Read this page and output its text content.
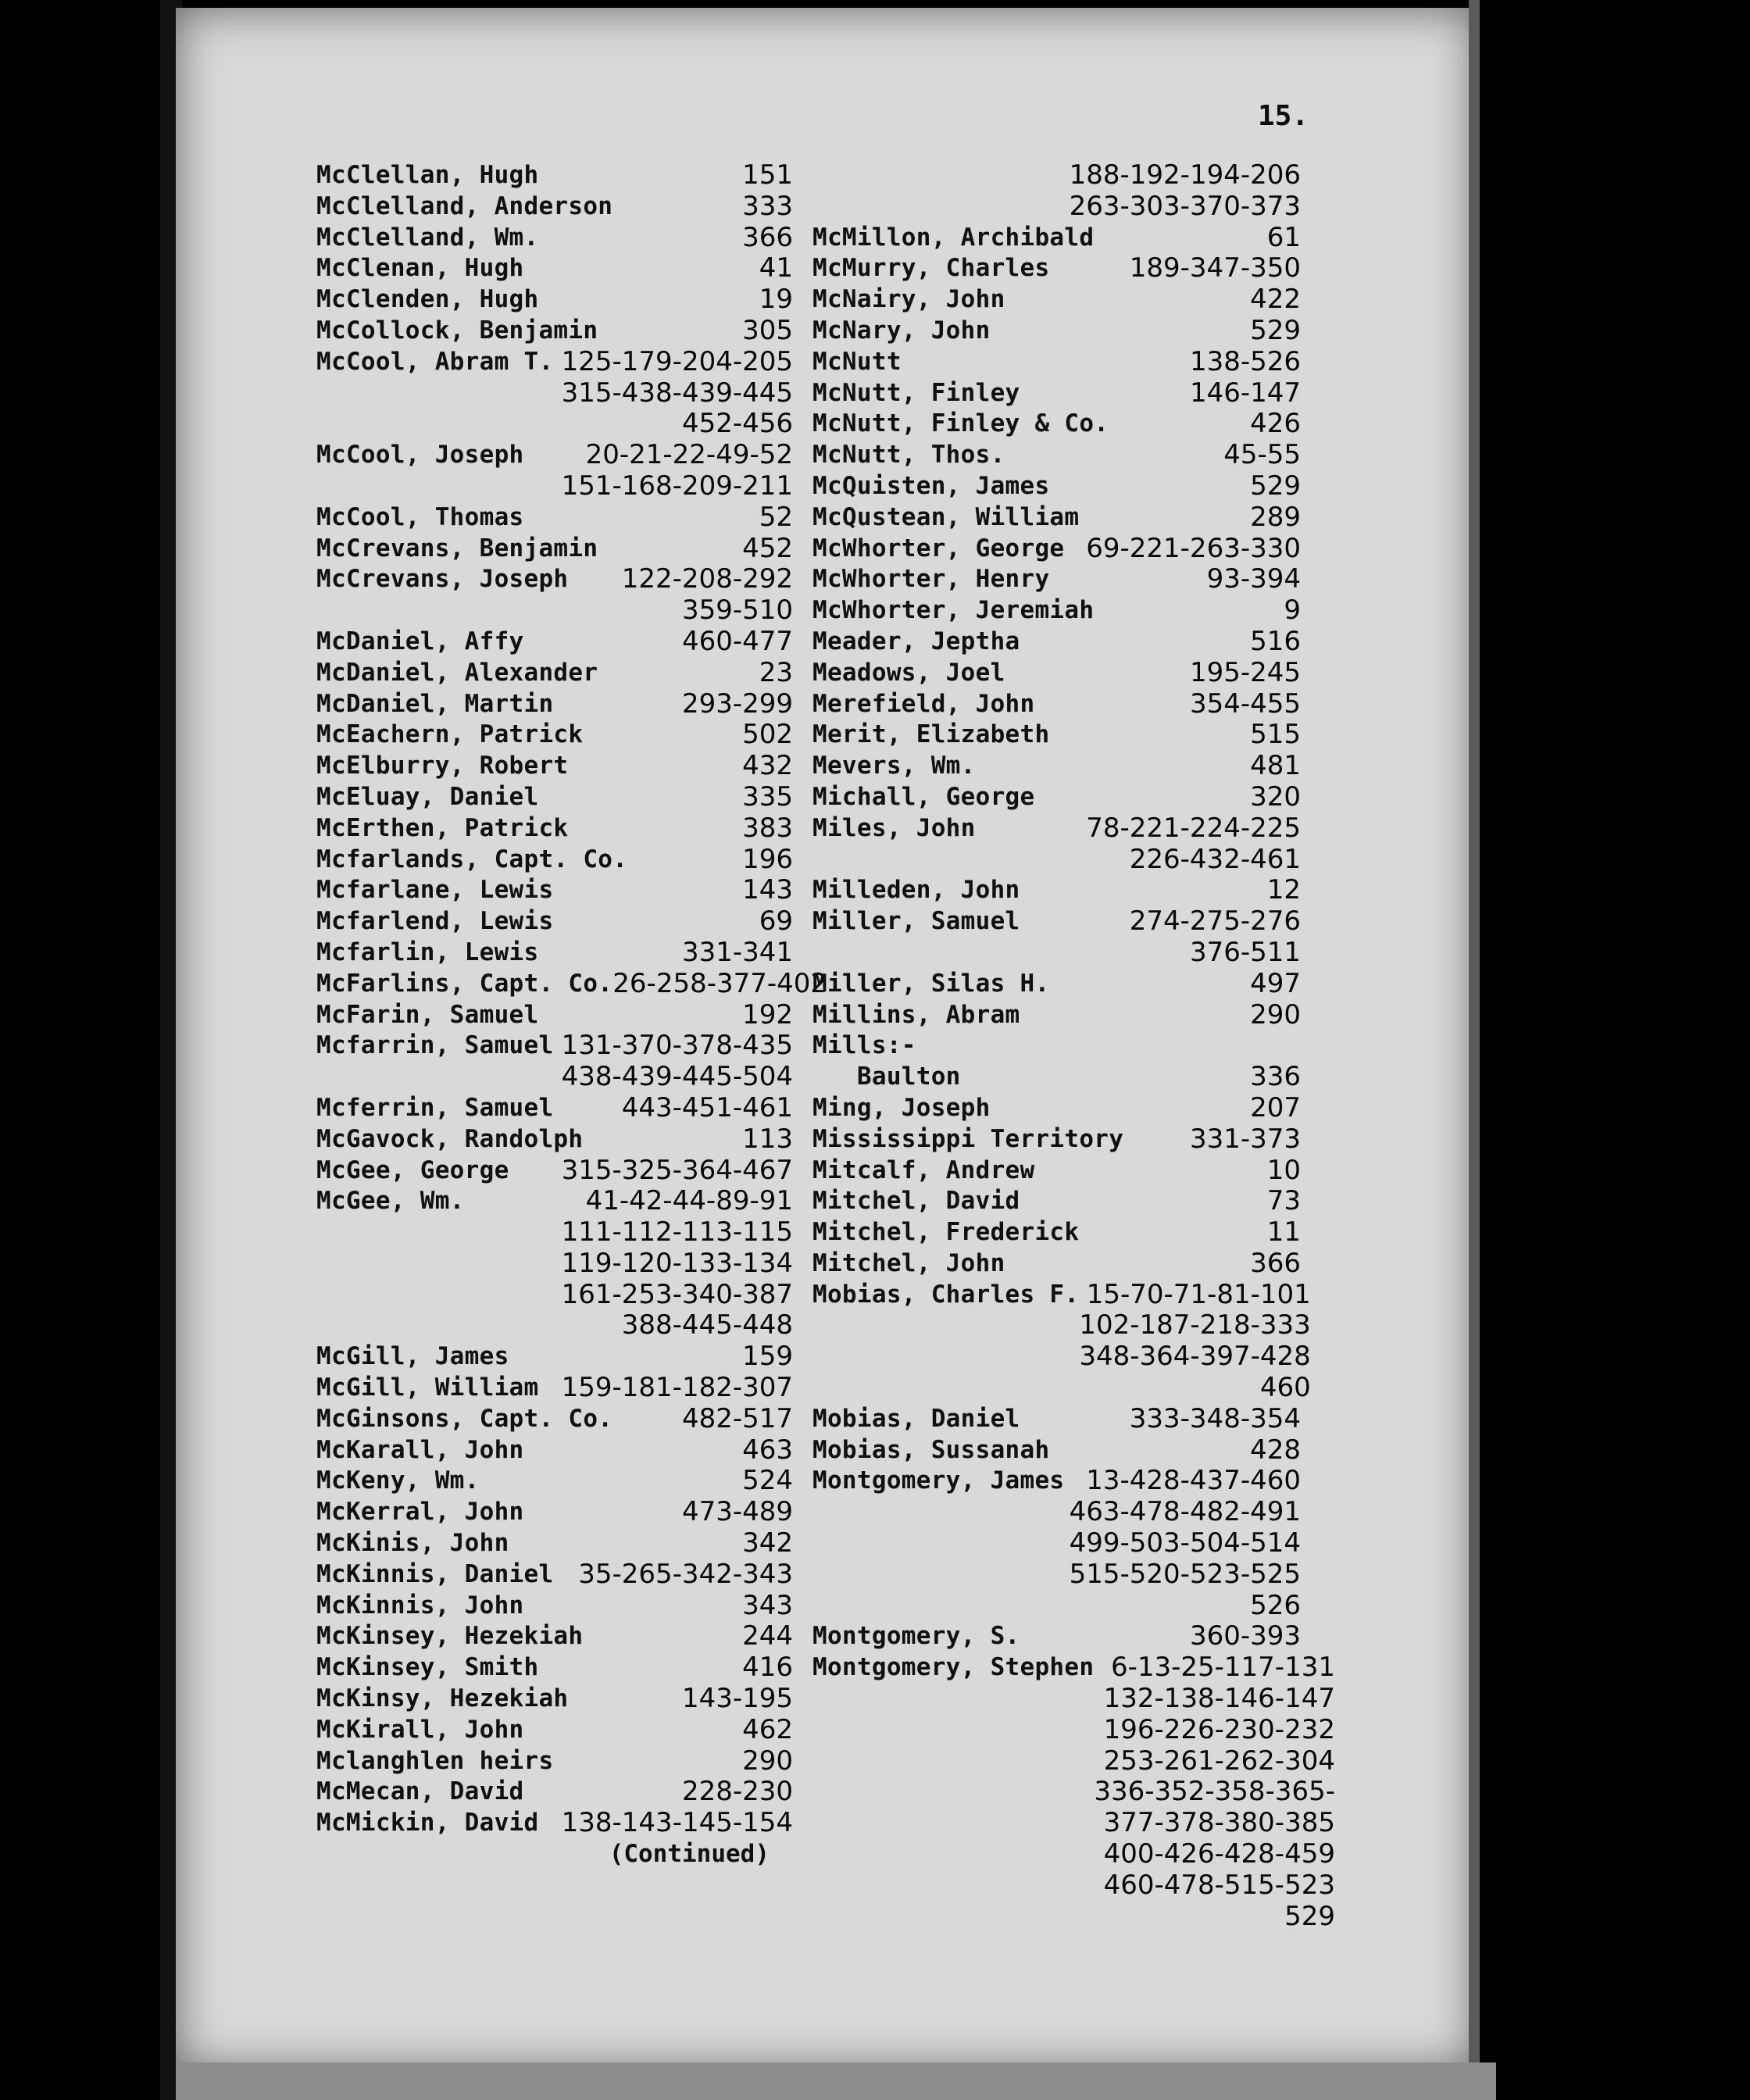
15.
McClellan, Hugh	151
McClelland, Anderson	333
McClelland, Wm.	366
McClenan, Hugh	41
McClenden, Hugh	19
McCollock, Benjamin	305
McCool, Abram T. 125-179-204-205
315-438-439-445
452-456
McCool, Joseph	20-21-22-49-52
151-168-209-211
McCool, Thomas	52
McCrevans, Benjamin	452
McCrevans, Joseph 122-208-292
359-510
McDaniel, Affy	460-477
McDaniel, Alexander	23
McDaniel, Martin	293-299
McEachern, Patrick	502
McElburry, Robert	432
McEluay, Daniel	335
McErthen, Patrick	383
Mcfarlands, Capt. Co.	196
Mcfarlane, Lewis	143
Mcfarlend, Lewis	69
Mcfarlin, Lewis	331-341
McFarlins, Capt. Co. 26-258-377-402
McFarin, Samuel	192
Mcfarrin, Samuel 131-370-378-435
438-439-445-504
Mcferrin, Samuel	443-451-461
McGavock, Randolph	113
McGee, George 315-325-364-467
McGee, Wm.	41-42-44-89-91
111-112-113-115
119-120-133-134
161-253-340-387
388-445-448
McGill, James	159
McGill, William 159-181-182-307
McGinsons, Capt. Co.	482-517
McKarall, John	463
McKeny, Wm.	524
McKerral, John	473-489
McKinis, John	342
McKinnis, Daniel 35-265-342-343
McKinnis, John	343
McKinsey, Hezekiah	244
McKinsey, Smith	416
McKinsy, Hezekiah	143-195
McKirall, John	462
Mclanghlen heirs	290
McMecan, David	228-230
McMickin, David 138-143-145-154
(Continued)
188-192-194-206
263-303-370-373
McMillon, Archibald	61
McMurry, Charles	189-347-350
McNairy, John	422
McNary, John	529
McNutt	138-526
McNutt, Finley	146-147
McNutt, Finley & Co.	426
McNutt, Thos.	45-55
McQuisten, James	529
McQustean, William	289
McWhorter, George 69-221-263-330
McWhorter, Henry	93-394
McWhorter, Jeremiah	9
Meader, Jeptha	516
Meadows, Joel	195-245
Merefield, John	354-455
Merit, Elizabeth	515
Mevers, Wm.	481
Michall, George	320
Miles, John	78-221-224-225
226-432-461
Milleden, John	12
Miller, Samuel	274-275-276
376-511
Miller, Silas H.	497
Millins, Abram	290
Mills:-
Baulton	336
Ming, Joseph	207
Mississippi Territory 331-373
Mitcalf, Andrew	10
Mitchel, David	73
Mitchel, Frederick	11
Mitchel, John	366
Mobias, Charles F. 15-70-71-81-101
102-187-218-333
348-364-397-428
460
Mobias, Daniel	333-348-354
Mobias, Sussanah	428
Montgomery, James 13-428-437-460
463-478-482-491
499-503-504-514
515-520-523-525
526
Montgomery, S.	360-393
Montgomery, Stephen 6-13-25-117-131
132-138-146-147
196-226-230-232
253-261-262-304
336-352-358-365-
377-378-380-385
400-426-428-459
460-478-515-523
529
